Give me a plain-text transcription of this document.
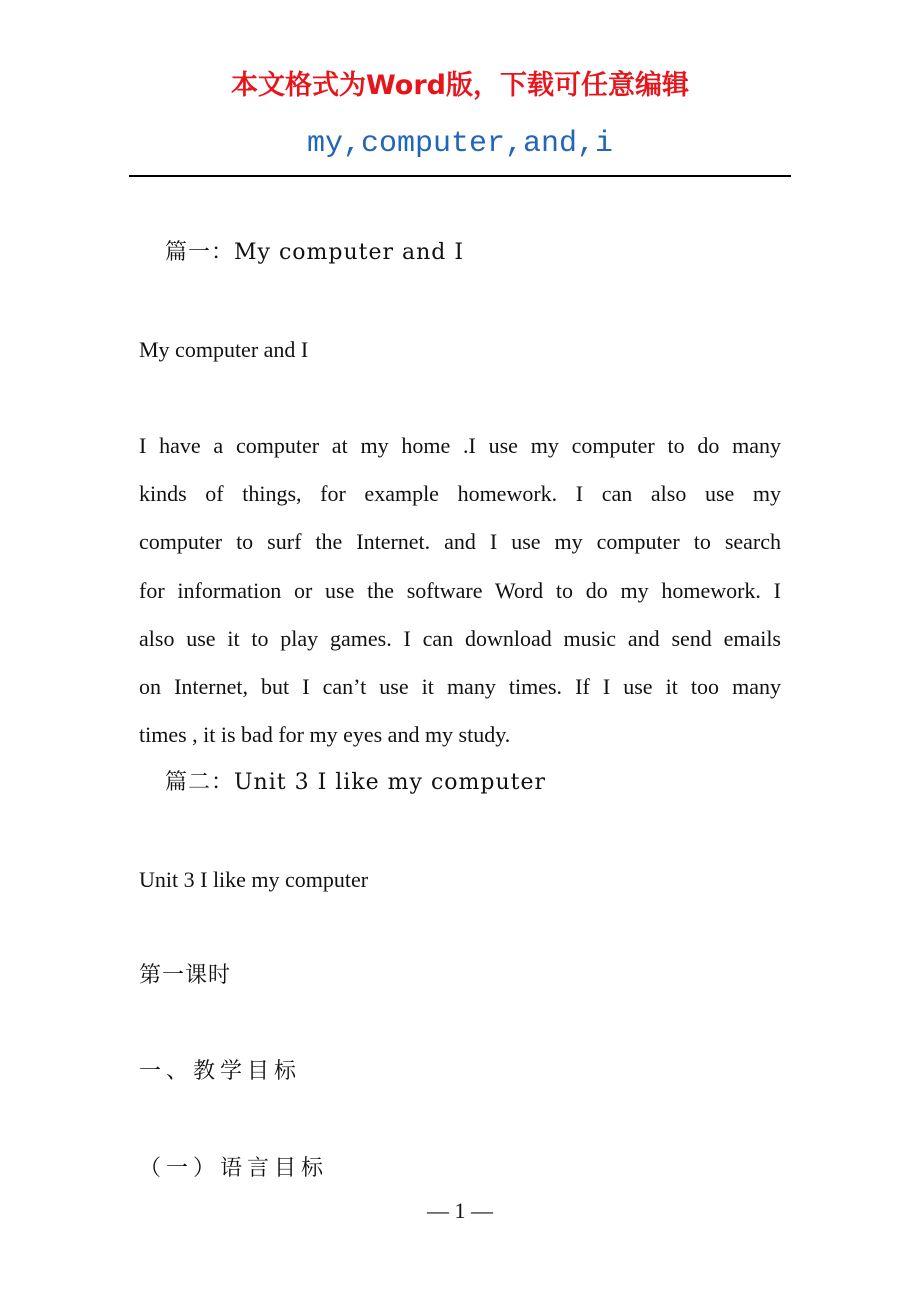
本文格式为Word版，下载可任意编辑
my,computer,and,i
篇一：My computer and I
My computer and I
I have a computer at my home .I use my computer to do many
kinds of things, for example homework. I can also use my
computer to surf the Internet. and I use my computer to search
for information or use the software Word to do my homework. I
also use it to play games. I can download music and send emails
on Internet, but I can’t use it many times. If I use it too many
times , it is bad for my eyes and my study.
篇二：Unit 3 I like my computer
Unit 3 I like my computer
第一课时
一、教学目标
（一）语言目标
— 1 —
